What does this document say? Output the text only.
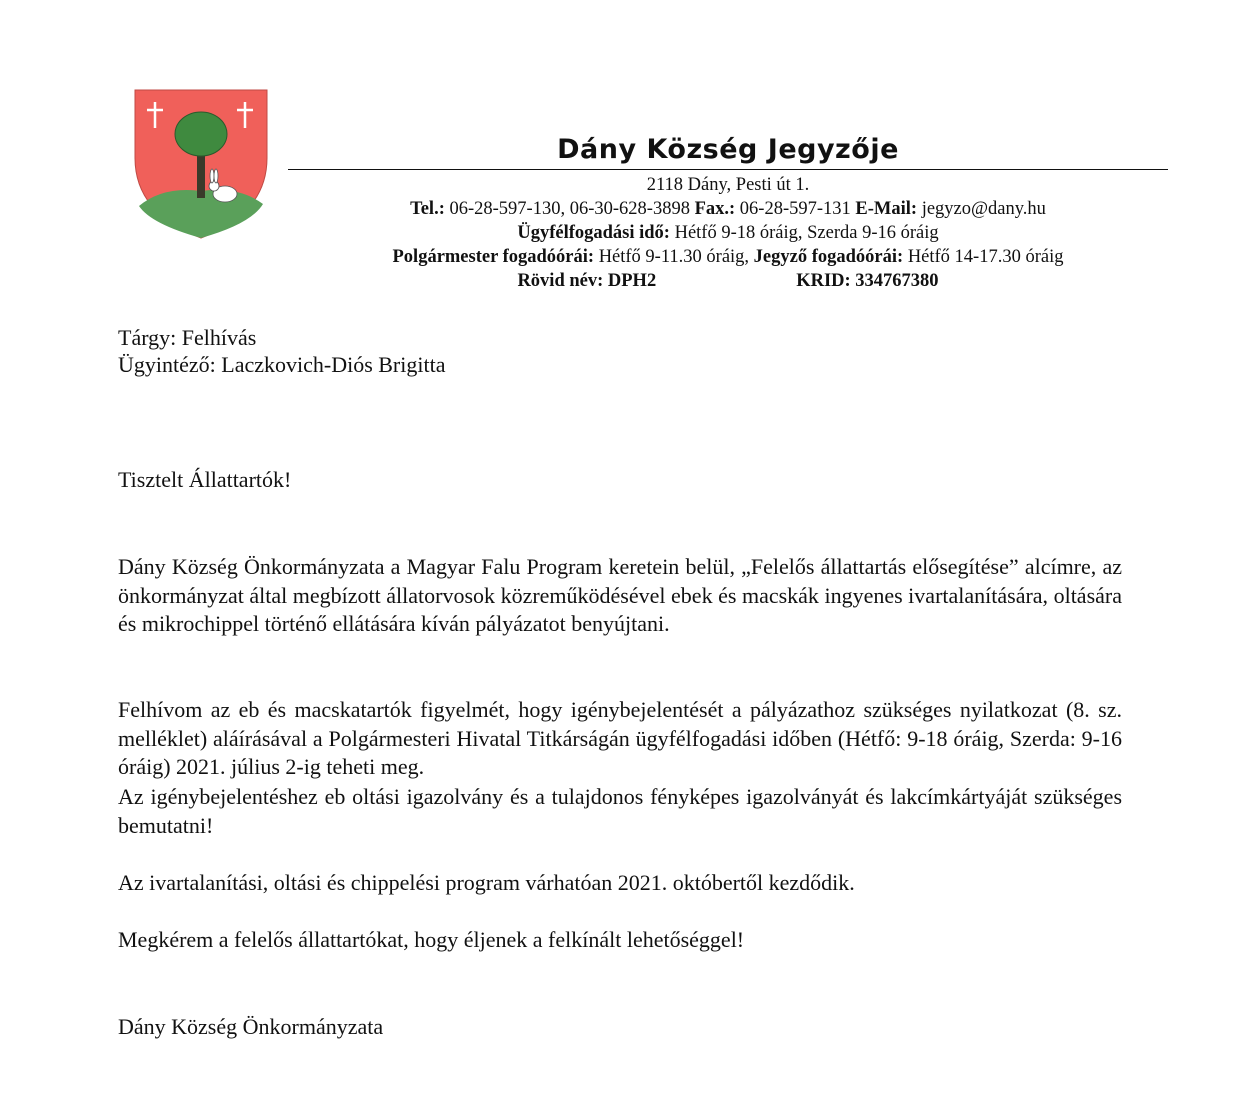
Dány Község Jegyzője
2118 Dány, Pesti út 1.
Tel.: 06-28-597-130, 06-30-628-3898 Fax.: 06-28-597-131 E-Mail: jegyzo@dany.hu
Ügyfélfogadási idő: Hétfő 9-18 óráig, Szerda 9-16 óráig
Polgármester fogadóórái: Hétfő 9-11.30 óráig, Jegyző fogadóórái: Hétfő 14-17.30 óráig
Rövid név: DPH2	KRID: 334767380
Tárgy: Felhívás
Ügyintéző: Laczkovich-Diós Brigitta

Tisztelt Állattartók!

Dány Község Önkormányzata a Magyar Falu Program keretein belül, „Felelős állattartás elősegítése” alcímre, az önkormányzat által megbízott állatorvosok közreműködésével ebek és macskák ingyenes ivartalanítására, oltására és mikrochippel történő ellátására kíván pályázatot benyújtani.

Felhívom az eb és macskatartók figyelmét, hogy igénybejelentését a pályázathoz szükséges nyilatkozat (8. sz. melléklet) aláírásával a Polgármesteri Hivatal Titkárságán ügyfélfogadási időben (Hétfő: 9-18 óráig, Szerda: 9-16 óráig) 2021. július 2-ig teheti meg.

Az igénybejelentéshez eb oltási igazolvány és a tulajdonos fényképes igazolványát és lakcímkártyáját szükséges bemutatni!

Az ivartalanítási, oltási és chippelési program várhatóan 2021. októbertől kezdődik.

Megkérem a felelős állattartókat, hogy éljenek a felkínált lehetőséggel!

Dány Község Önkormányzata
